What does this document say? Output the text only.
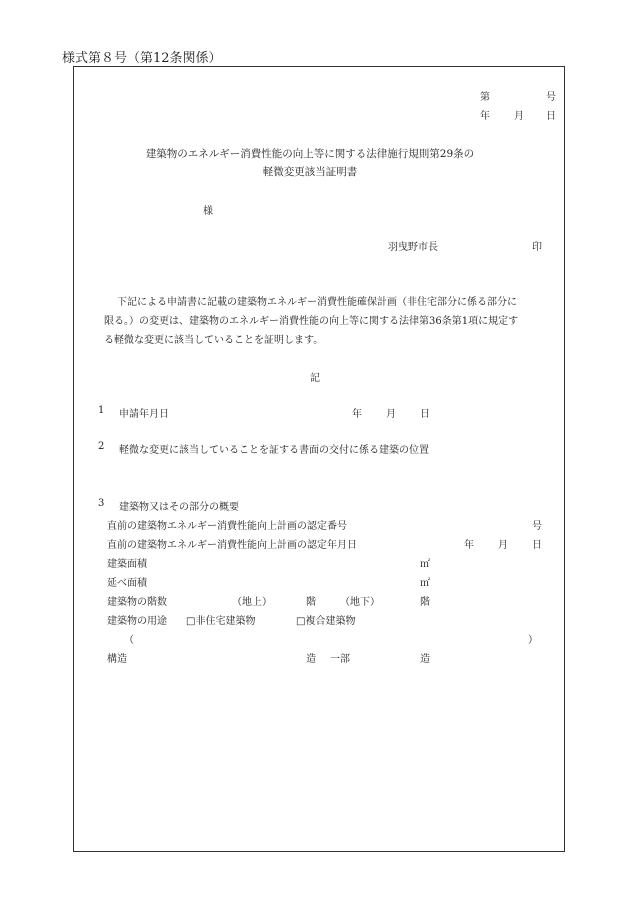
様式第８号（第12条関係）
第	号
年 月 日
建築物のエネルギー消費性能の向上等に関する法律施行規則第29条の
軽微変更該当証明書
様
羽曳野市長	印
下記による申請書に記載の建築物エネルギー消費性能確保計画（非住宅部分に係る部分に
限る。）の変更は、建築物のエネルギー消費性能の向上等に関する法律第36条第1項に規定す
る軽微な変更に該当していることを証明します。
記
1 申請年月日	年 月 日
2 軽微な変更に該当していることを証する書面の交付に係る建築の位置
3 建築物又はその部分の概要
直前の建築物エネルギー消費性能向上計画の認定番号	号
直前の建築物エネルギー消費性能向上計画の認定年月日	年 月 日
建築面積	㎡
延べ面積	㎡
建築物の階数	（地上）	階 （地下）	階
建築物の用途 □非住宅建築物	□複合建築物
（	）
構造	造 一部	造
